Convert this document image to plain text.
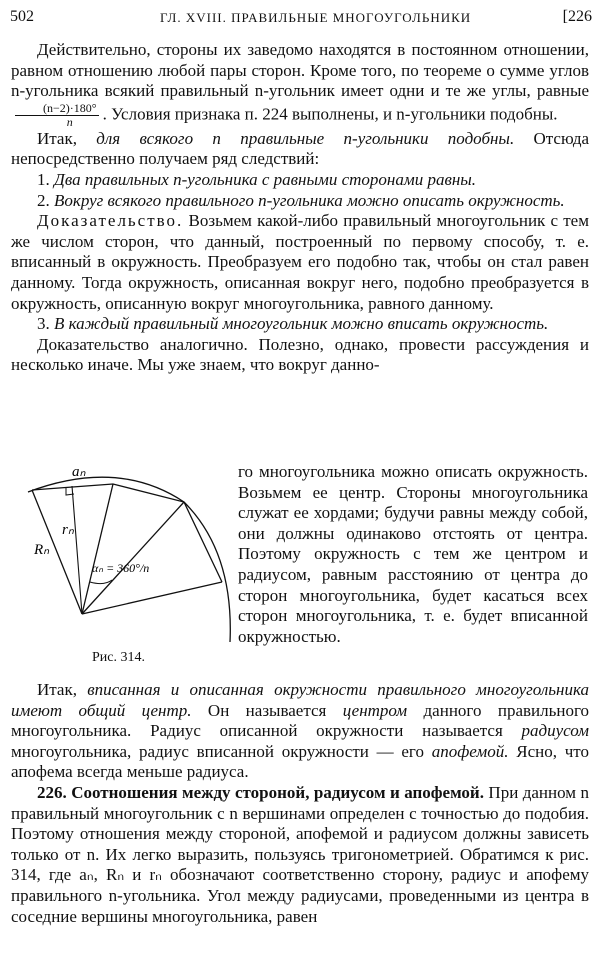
502	ГЛ. XVIII. ПРАВИЛЬНЫЕ МНОГОУГОЛЬНИКИ	[226

Действительно, стороны их заведомо находятся в постоянном отношении, равном отношению любой пары сторон. Кроме того, по теореме о сумме углов n-угольника всякий правильный n-угольник имеет одни и те же углы, равные
$\frac{(n-2)\cdot 180^\circ}{n}$ . Условия признака п. 224 выполнены, и n-угольники подобны.

Итак, для всякого n правильные n-угольники подобны. Отсюда непосредственно получаем ряд следствий:

1. Два правильных n-угольника с равными сторонами равны.

2. Вокруг всякого правильного n-угольника можно описать окружность.

Доказательство. Возьмем какой-либо правильный многоугольник с тем же числом сторон, что данный, построенный по первому способу, т. е. вписанный в окружность. Преобразуем его подобно так, чтобы он стал равен данному. Тогда окружность, описанная вокруг него, подобно преобразуется в окружность, описанную вокруг многоугольника, равного данному.

3. В каждый правильный многоугольник можно вписать окружность.

Доказательство аналогично. Полезно, однако, провести рассуждения и несколько иначе. Мы уже знаем, что вокруг данно-

aₙ
rₙ
Rₙ
αₙ = 360°/n
Рис. 314.

го многоугольника можно описать окружность. Возьмем ее центр. Стороны многоугольника служат ее хордами; будучи равны между собой, они должны одинаково отстоять от центра. Поэтому окружность с тем же центром и радиусом, равным расстоянию от центра до сторон многоугольника, будет касаться всех сторон многоугольника, т. е. будет вписанной окружностью.

Итак, вписанная и описанная окружности правильного многоугольника имеют общий центр. Он называется центром данного правильного многоугольника. Радиус описанной окружности называется радиусом многоугольника, радиус вписанной окружности — его апофемой. Ясно, что апофема всегда меньше радиуса.

226. Соотношения между стороной, радиусом и апофемой. При данном n правильный многоугольник с n вершинами определен с точностью до подобия. Поэтому отношения между стороной, апофемой и радиусом должны зависеть только от n. Их легко выразить, пользуясь тригонометрией. Обратимся к рис. 314, где aₙ, Rₙ и rₙ обозначают соответственно сторону, радиус и апофему правильного n-угольника. Угол между радиусами, проведенными из центра в соседние вершины многоугольника, равен
